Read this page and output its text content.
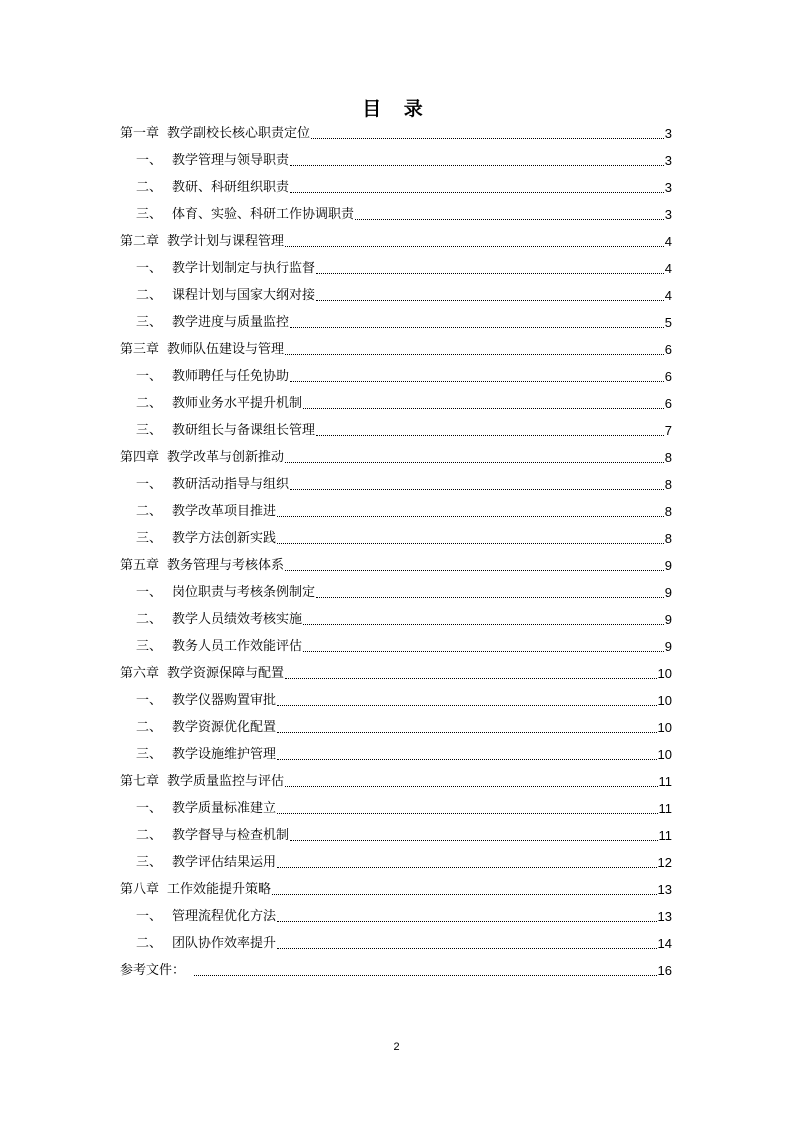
目 录
第一章 教学副校长核心职责定位	3
一、 教学管理与领导职责	3
二、 教研、科研组织职责	3
三、 体育、实验、科研工作协调职责	3
第二章 教学计划与课程管理	4
一、 教学计划制定与执行监督	4
二、 课程计划与国家大纲对接	4
三、 教学进度与质量监控	5
第三章 教师队伍建设与管理	6
一、 教师聘任与任免协助	6
二、 教师业务水平提升机制	6
三、 教研组长与备课组长管理	7
第四章 教学改革与创新推动	8
一、 教研活动指导与组织	8
二、 教学改革项目推进	8
三、 教学方法创新实践	8
第五章 教务管理与考核体系	9
一、 岗位职责与考核条例制定	9
二、 教学人员绩效考核实施	9
三、 教务人员工作效能评估	9
第六章 教学资源保障与配置	10
一、 教学仪器购置审批	10
二、 教学资源优化配置	10
三、 教学设施维护管理	10
第七章 教学质量监控与评估	11
一、 教学质量标准建立	11
二、 教学督导与检查机制	11
三、 教学评估结果运用	12
第八章 工作效能提升策略	13
一、 管理流程优化方法	13
二、 团队协作效率提升	14
参考文件：	16
2
